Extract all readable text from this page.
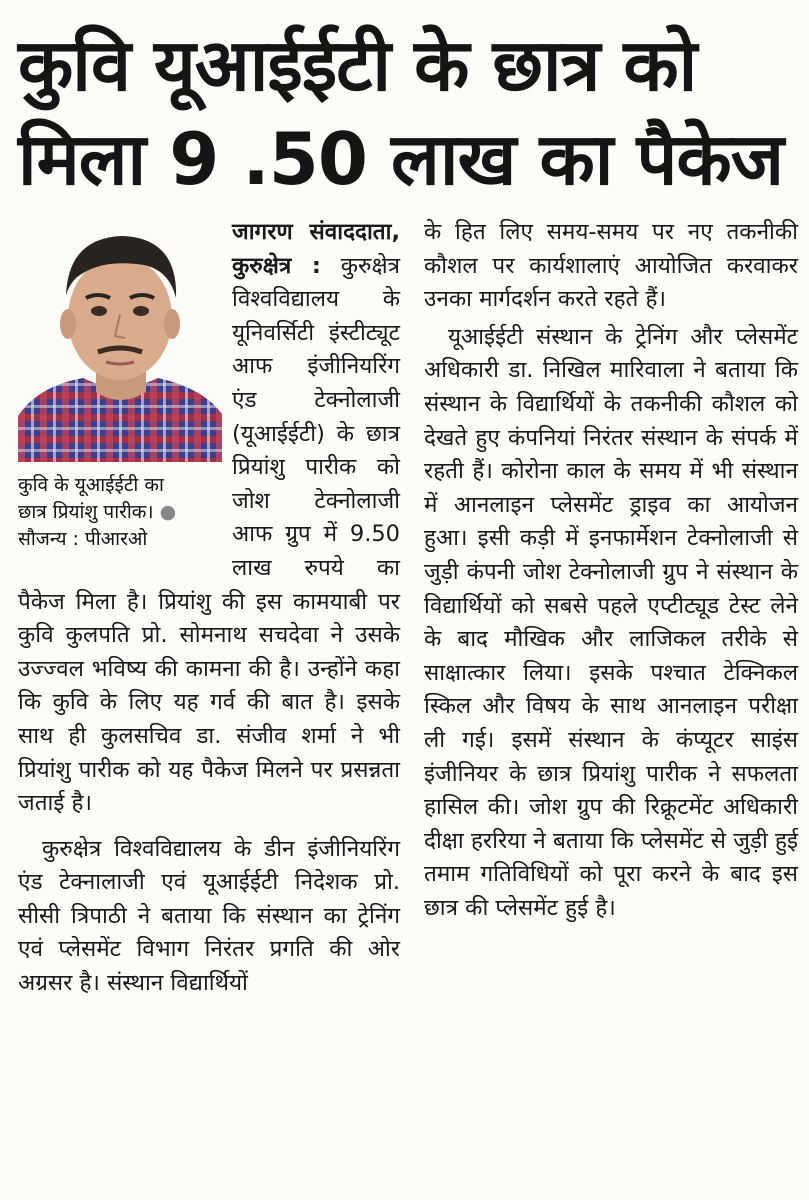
कुवि यूआईईटी के छात्र को मिला 9 .50 लाख का पैकेज
कुवि के यूआईईटी का
छात्र प्रियांशु पारीक। ●
सौजन्य : पीआरओ

जागरण संवाददाता, कुरुक्षेत्र : कुरुक्षेत्र विश्वविद्यालय के यूनिवर्सिटी इंस्टीट्यूट आफ इंजीनियरिंग एंड टेक्नोलाजी (यूआईईटी) के छात्र प्रियांशु पारीक को जोश टेक्नोलाजी आफ ग्रुप में 9.50 लाख रुपये का पैकेज मिला है। प्रियांशु की इस कामयाबी पर कुवि कुलपति प्रो. सोमनाथ सचदेवा ने उसके उज्ज्वल भविष्य की कामना की है। उन्होंने कहा कि कुवि के लिए यह गर्व की बात है। इसके साथ ही कुलसचिव डा. संजीव शर्मा ने भी प्रियांशु पारीक को यह पैकेज मिलने पर प्रसन्नता जताई है।

कुरुक्षेत्र विश्वविद्यालय के डीन इंजीनियरिंग एंड टेक्नालाजी एवं यूआईईटी निदेशक प्रो. सीसी त्रिपाठी ने बताया कि संस्थान का ट्रेनिंग एवं प्लेसमेंट विभाग निरंतर प्रगति की ओर अग्रसर है। संस्थान विद्यार्थियों

के हित लिए समय-समय पर नए तकनीकी कौशल पर कार्यशालाएं आयोजित करवाकर उनका मार्गदर्शन करते रहते हैं।

यूआईईटी संस्थान के ट्रेनिंग और प्लेसमेंट अधिकारी डा. निखिल मारिवाला ने बताया कि संस्थान के विद्यार्थियों के तकनीकी कौशल को देखते हुए कंपनियां निरंतर संस्थान के संपर्क में रहती हैं। कोरोना काल के समय में भी संस्थान में आनलाइन प्लेसमेंट ड्राइव का आयोजन हुआ। इसी कड़ी में इनफार्मेशन टेक्नोलाजी से जुड़ी कंपनी जोश टेक्नोलाजी ग्रुप ने संस्थान के विद्यार्थियों को सबसे पहले एप्टीट्यूड टेस्ट लेने के बाद मौखिक और लाजिकल तरीके से साक्षात्कार लिया। इसके पश्चात टेक्निकल स्किल और विषय के साथ आनलाइन परीक्षा ली गई। इसमें संस्थान के कंप्यूटर साइंस इंजीनियर के छात्र प्रियांशु पारीक ने सफलता हासिल की। जोश ग्रुप की रिक्रूटमेंट अधिकारी दीक्षा हररिया ने बताया कि प्लेसमेंट से जुड़ी हुई तमाम गतिविधियों को पूरा करने के बाद इस छात्र की प्लेसमेंट हुई है।
